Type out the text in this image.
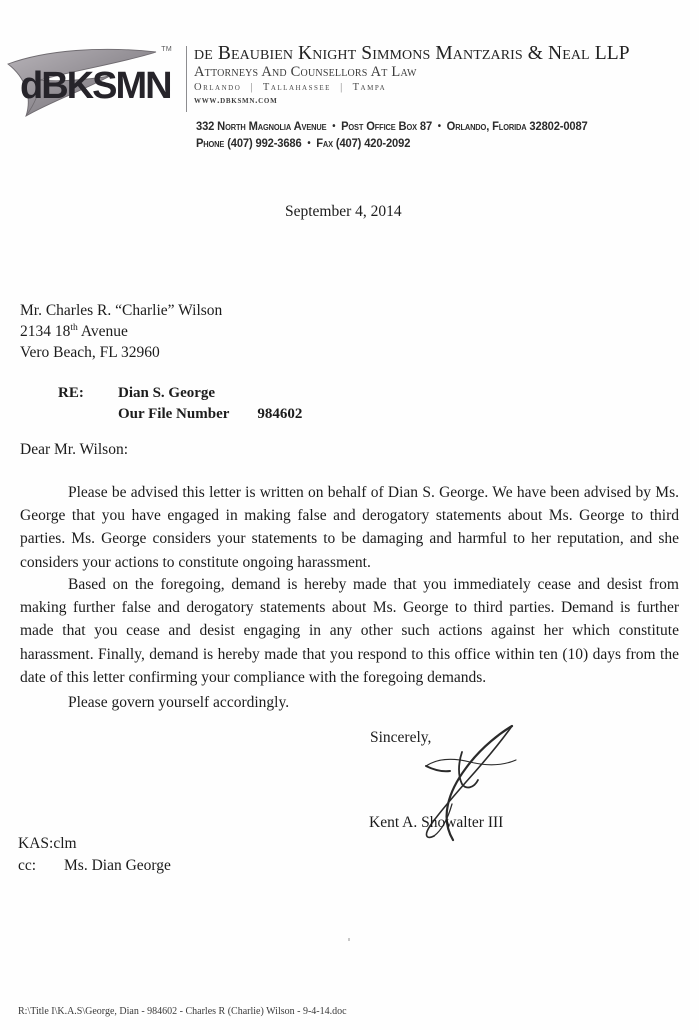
dBKSMN
TM de Beaubien Knight Simmons Mantzaris & Neal LLP
Attorneys And Counsellors At Law
Orlando | Tallahassee | Tampa
www.dbksmn.com
332 North Magnolia Avenue • Post Office Box 87 • Orlando, Florida 32802-0087
Phone (407) 992-3686 • Fax (407) 420-2092
September 4, 2014
Mr. Charles R. “Charlie” Wilson
2134 18th Avenue
Vero Beach, FL 32960
RE:	Dian S. George
Our File Number	984602
Dear Mr. Wilson:
Please be advised this letter is written on behalf of Dian S. George. We have been advised by Ms. George that you have engaged in making false and derogatory statements about Ms. George to third parties. Ms. George considers your statements to be damaging and harmful to her reputation, and she considers your actions to constitute ongoing harassment.
Based on the foregoing, demand is hereby made that you immediately cease and desist from making further false and derogatory statements about Ms. George to third parties. Demand is further made that you cease and desist engaging in any other such actions against her which constitute harassment. Finally, demand is hereby made that you respond to this office within ten (10) days from the date of this letter confirming your compliance with the foregoing demands.
Please govern yourself accordingly.
Sincerely,
Kent A. Showalter III
KAS:clm
cc:	Ms. Dian George
R:\Title I\K.A.S\George, Dian - 984602 - Charles R (Charlie) Wilson - 9-4-14.doc
